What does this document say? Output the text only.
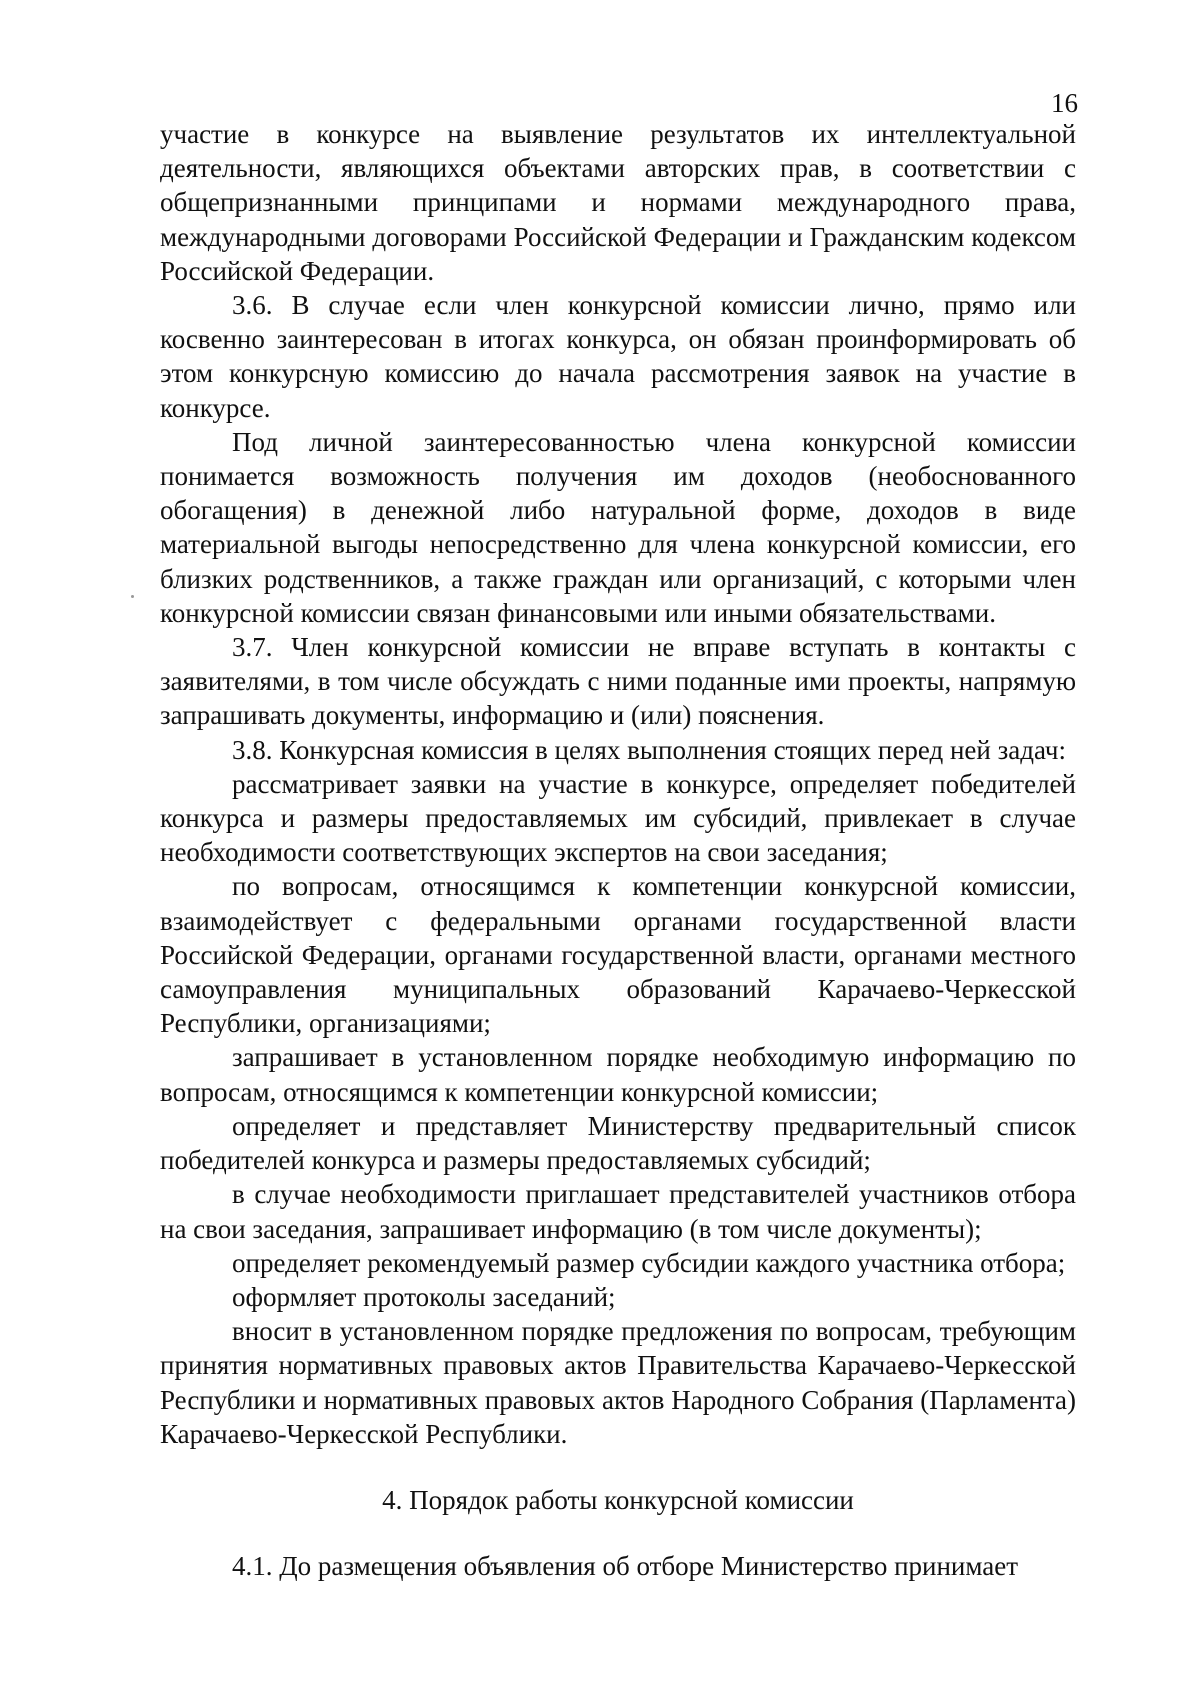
16

участие в конкурсе на выявление результатов их интеллектуальной деятельности, являющихся объектами авторских прав, в соответствии с общепризнанными принципами и нормами международного права, международными договорами Российской Федерации и Гражданским кодексом Российской Федерации.

3.6. В случае если член конкурсной комиссии лично, прямо или косвенно заинтересован в итогах конкурса, он обязан проинформировать об этом конкурсную комиссию до начала рассмотрения заявок на участие в конкурсе.

Под личной заинтересованностью члена конкурсной комиссии понимается возможность получения им доходов (необоснованного обогащения) в денежной либо натуральной форме, доходов в виде материальной выгоды непосредственно для члена конкурсной комиссии, его близких родственников, а также граждан или организаций, с которыми член конкурсной комиссии связан финансовыми или иными обязательствами.

3.7. Член конкурсной комиссии не вправе вступать в контакты с заявителями, в том числе обсуждать с ними поданные ими проекты, напрямую запрашивать документы, информацию и (или) пояснения.

3.8. Конкурсная комиссия в целях выполнения стоящих перед ней задач:

рассматривает заявки на участие в конкурсе, определяет победителей конкурса и размеры предоставляемых им субсидий, привлекает в случае необходимости соответствующих экспертов на свои заседания;

по вопросам, относящимся к компетенции конкурсной комиссии, взаимодействует с федеральными органами государственной власти Российской Федерации, органами государственной власти, органами местного самоуправления муниципальных образований Карачаево-Черкесской Республики, организациями;

запрашивает в установленном порядке необходимую информацию по вопросам, относящимся к компетенции конкурсной комиссии;

определяет и представляет Министерству предварительный список победителей конкурса и размеры предоставляемых субсидий;

в случае необходимости приглашает представителей участников отбора на свои заседания, запрашивает информацию (в том числе документы);

определяет рекомендуемый размер субсидии каждого участника отбора;

оформляет протоколы заседаний;

вносит в установленном порядке предложения по вопросам, требующим принятия нормативных правовых актов Правительства Карачаево-Черкесской Республики и нормативных правовых актов Народного Собрания (Парламента) Карачаево-Черкесской Республики.

4. Порядок работы конкурсной комиссии

4.1. До размещения объявления об отборе Министерство принимает
